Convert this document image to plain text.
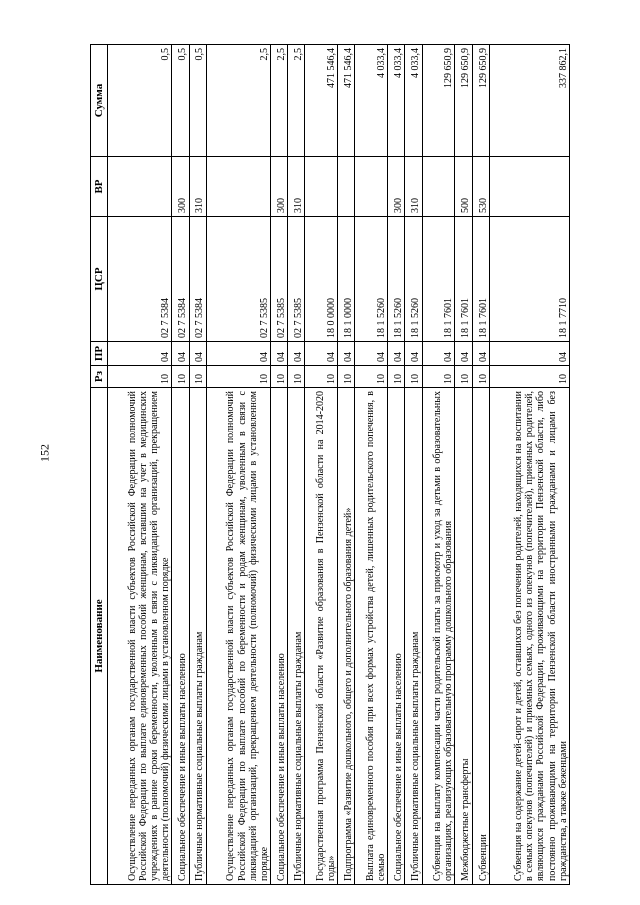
152
Наименование	Рз	ПР	ЦСР	ВР	Сумма
Осуществление переданных органам государственной власти субъектов Российской Федерации полномочий Российской Федерации по выплате единовременных пособий женщинам, вставшим на учет в медицинских учреждениях в ранние сроки беременности, уволенным в связи с ликвидацией организаций, прекращением деятельности (полномочий) физическими лицами в установленном порядке	10	04	02 7 5384		0,5
Социальное обеспечение и иные выплаты населению	10	04	02 7 5384	300	0,5
Публичные нормативные социальные выплаты гражданам	10	04	02 7 5384	310	0,5
Осуществление переданных органам государственной власти субъектов Российской Федерации полномочий Российской Федерации по выплате пособий по беременности и родам женщинам, уволенным в связи с ликвидацией организаций, прекращением деятельности (полномочий) физическими лицами в установленном порядке	10	04	02 7 5385		2,5
Социальное обеспечение и иные выплаты населению	10	04	02 7 5385	300	2,5
Публичные нормативные социальные выплаты гражданам	10	04	02 7 5385	310	2,5
Государственная программа Пензенской области «Развитие образования в Пензенской области на 2014-2020 годы»	10	04	18 0 0000		471 546,4
Подпрограмма «Развитие дошкольного, общего и дополнительного образования детей»	10	04	18 1 0000		471 546,4
Выплата единовременного пособия при всех формах устройства детей, лишенных родительского попечения, в семью	10	04	18 1 5260		4 033,4
Социальное обеспечение и иные выплаты населению	10	04	18 1 5260	300	4 033,4
Публичные нормативные социальные выплаты гражданам	10	04	18 1 5260	310	4 033,4
Субвенция на выплату компенсации части родительской платы за присмотр и уход за детьми в образовательных организациях, реализующих образовательную программу дошкольного образования	10	04	18 1 7601		129 650,9
Межбюджетные трансферты	10	04	18 1 7601	500	129 650,9
Субвенции	10	04	18 1 7601	530	129 650,9
Субвенция на содержание детей-сирот и детей, оставшихся без попечения родителей, находящихся на воспитании в семьях опекунов (попечителей) и приемных семьях, одного из опекунов (попечителей), приемных родителей, являющихся гражданами Российской Федерации, проживающими на территории Пензенской области, либо постоянно проживающими на территории Пензенской области иностранными гражданами и лицами без гражданства, а также беженцами	10	04	18 1 7710		337 862,1
